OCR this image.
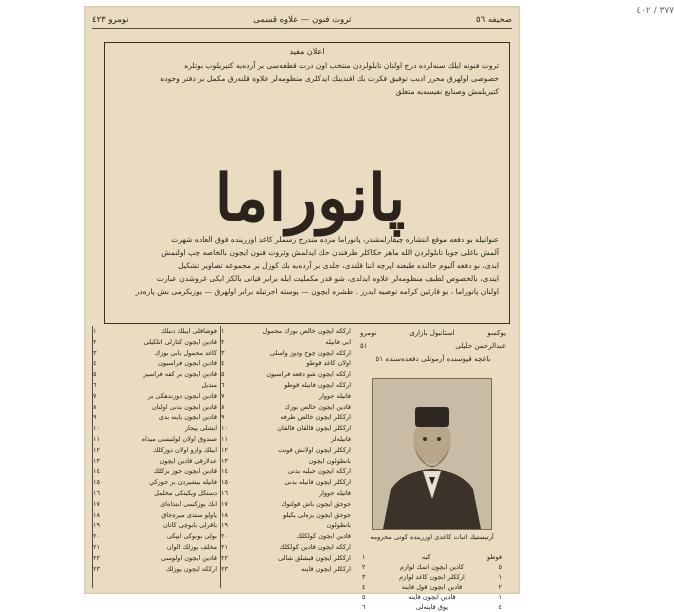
صحيفه ٥٦
ثروت فنون — علاوه قسمی
نومرو ٤٢٣
اعلان مفيد
ثروت فنونه ايلك سنه‌لرده درج اولنان تابلولردن منتخب اون درت قطعه‌سی بر آرده‌يه كتيريلوب بوتلره
خصوصی اولهرق محرر اديب توفيق فكرت بك افندينك ايدكلری منظومه‌لر علاوه قلنه‌رق مكمل بر دفتر وجوده
كتيريلمش وصنايع نفيسه‌يه متعلق
پانوراما
عنوانيله بو دفعه موقع انتشاره چيقارلمشدر، پانوراما مزده مندرج رسملر كاغد اوزرينده فوق العاده شهرت
آلمش باغلی جوبا تابلولردن الله ماهر حكاكلر طرفندن حك ايدلمش وثروت فنون ايچون بالخاصه چپ اولنمش
ايدی، بو دفعه آلبوم حالنده طبعنه اپرچه اننا قلندی، جلدی بر آرده‌يه بك كوزل بر مجموعه تصاوير تشكيل
ايتدی، بالخصوص لطيف منظومه‌لر علاوه ايدلدی، شو قدر مكمليت ايله برابر فياتی بالكز ايكی غروشدن عبارت
اولنان پانوراما ، بو قارئين كرامه توصيه ايدرز . طشره ايچون — پوسته اجرتيله برابر اولهرق — يوزيكرمی بش پاره‌در
فوشاقلی ايبلك دنبلك
١
قادين ايچون كتارلی اتلكيلی
٢
كاغد محمول بابی بوزك
٣
قادين ايچون فراسيون
٤
قادين ايچون بر كفه فراسيز
٥
منديل
٦
قادين ايچون دوزندهكی بر
٧
قادين ايچون بدنی اولنان
٨
قادين ايچون باپنه بدی
٩
ايشلی پيجار
١٠
صندوق اولان لولتيسی ميداه
١١
ايبلك وارو اولان دوزكلك
١٢
عدلارقی قادين ايچون
١٣
قادين ايچون جوز بزكلك
١٤
فانيله بيشيردن بر جوزكي
١٥
دستكل ويكيتكی مخلمل
١٦
ابك بوزكسی ابتداه‌ای
١٧
ياولو ستدی ميره‌جاق
١٨
باقرلی بابوچی كاتان
١٩
بولی بونوكی ايپكی
٢٠
مخلف يوزلك الوان
٢١
قادين ايچون اولوسی
٢٢
ارككه ايچون يوزلك
٢٣
ارككه ايچون خالص بوزك محمول
١
ابی فانيله
٢
ارككه ايچون چوخ ودوز واسلی
٣
اولان كاغد قوطو
٤
ارككه ايچون شو دفعه فراسيون
٥
ارككه ايچون فانيله قوطو
٦
فانيله جووار
٧
قادين ايچون خالص بوزك
٨
ارككلر ايچون خالص طرفه
٩
ارككلر ايچون قالقان قالقان
١٠
فانيله‌لر
١١
ارككلر ايچون اولانش قونت
١٢
بانطولون ايچون
١٣
ارككه ايچون جبليه بدنی
١٤
ارككلر ايچون فانيله بدنی
١٥
فانيله جووار
١٦
جوجق ايچون باش قولتوك
١٧
جوجق ايچون بزه‌لی يكيلو
١٨
بانطولون
١٩
قادين ايچون كولكلك
٢٠
ارككه ايچون قادين كولكلك
٢١
ارككلر ايچون قيشلق شالی
٢٢
ارككلر ايچون قاپنه
٢٣
يوكسو
استانبول بازاری
نومرو
عبدالرحمن خليلی
٥١
باغچه قپوسنده آرموتلی دفعده‌سنده ٥١
آرتيستيك اثبات كاغدی اوزرينده كوتی محرومه
فوطو
كيه
١
٥
كادين ايچون اتمك لوازم
٢
١
ارككلر ايچون كاغد لوازم
٣
٢
قادين ايچون قول قاپنه
٤
١
قادين ايچون قاپنه
٥
٤
يوق قاپنه‌لی
٦
٣٧٧ / ٤٠٢
